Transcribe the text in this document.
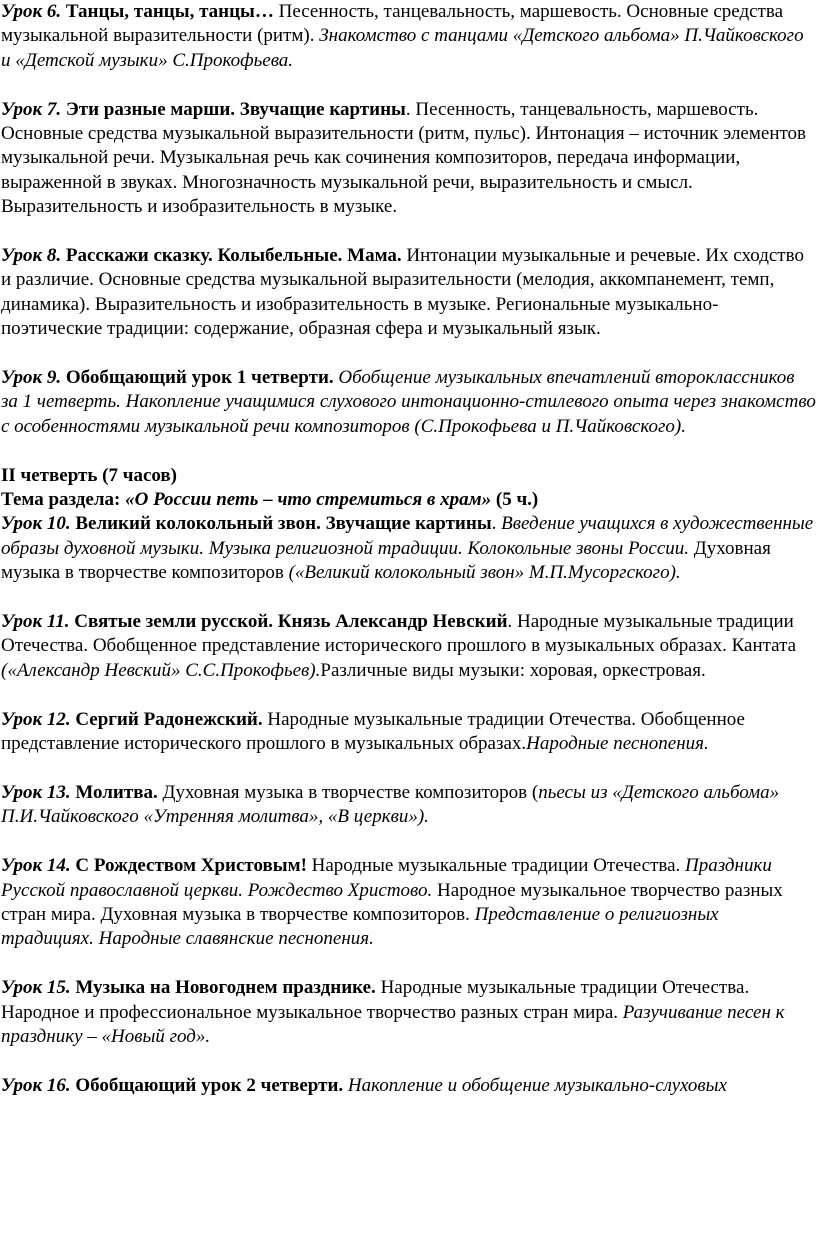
Урок 6. Танцы, танцы, танцы… Песенность, танцевальность, маршевость. Основные средства музыкальной выразительности (ритм). Знакомство с танцами «Детского альбома» П.Чайковского и «Детской музыки» С.Прокофьева.

Урок 7. Эти разные марши. Звучащие картины. Песенность, танцевальность, маршевость. Основные средства музыкальной выразительности (ритм, пульс). Интонация – источник элементов музыкальной речи. Музыкальная речь как сочинения композиторов, передача информации, выраженной в звуках. Многозначность музыкальной речи, выразительность и смысл. Выразительность и изобразительность в музыке.

Урок 8. Расскажи сказку. Колыбельные. Мама. Интонации музыкальные и речевые. Их сходство и различие. Основные средства музыкальной выразительности (мелодия, аккомпанемент, темп, динамика). Выразительность и изобразительность в музыке. Региональные музыкально-поэтические традиции: содержание, образная сфера и музыкальный язык.

Урок 9. Обобщающий урок 1 четверти. Обобщение музыкальных впечатлений второклассников за 1 четверть. Накопление учащимися слухового интонационно-стилевого опыта через знакомство с особенностями музыкальной речи композиторов (С.Прокофьева и П.Чайковского).

II четверть (7 часов)

Тема раздела: «О России петь – что стремиться в храм» (5 ч.)

Урок 10. Великий колокольный звон. Звучащие картины. Введение учащихся в художественные образы духовной музыки. Музыка религиозной традиции. Колокольные звоны России. Духовная музыка в творчестве композиторов («Великий колокольный звон» М.П.Мусоргского).

Урок 11. Святые земли русской. Князь Александр Невский. Народные музыкальные традиции Отечества. Обобщенное представление исторического прошлого в музыкальных образах. Кантата («Александр Невский» С.С.Прокофьев).Различные виды музыки: хоровая, оркестровая.

Урок 12. Сергий Радонежский. Народные музыкальные традиции Отечества. Обобщенное представление исторического прошлого в музыкальных образах.Народные песнопения.

Урок 13. Молитва. Духовная музыка в творчестве композиторов (пьесы из «Детского альбома» П.И.Чайковского «Утренняя молитва», «В церкви»).

Урок 14. С Рождеством Христовым! Народные музыкальные традиции Отечества. Праздники Русской православной церкви. Рождество Христово. Народное музыкальное творчество разных стран мира. Духовная музыка в творчестве композиторов. Представление о религиозных традициях. Народные славянские песнопения.

Урок 15. Музыка на Новогоднем празднике. Народные музыкальные традиции Отечества. Народное и профессиональное музыкальное творчество разных стран мира. Разучивание песен к празднику – «Новый год».

Урок 16. Обобщающий урок 2 четверти. Накопление и обобщение музыкально-слуховых
